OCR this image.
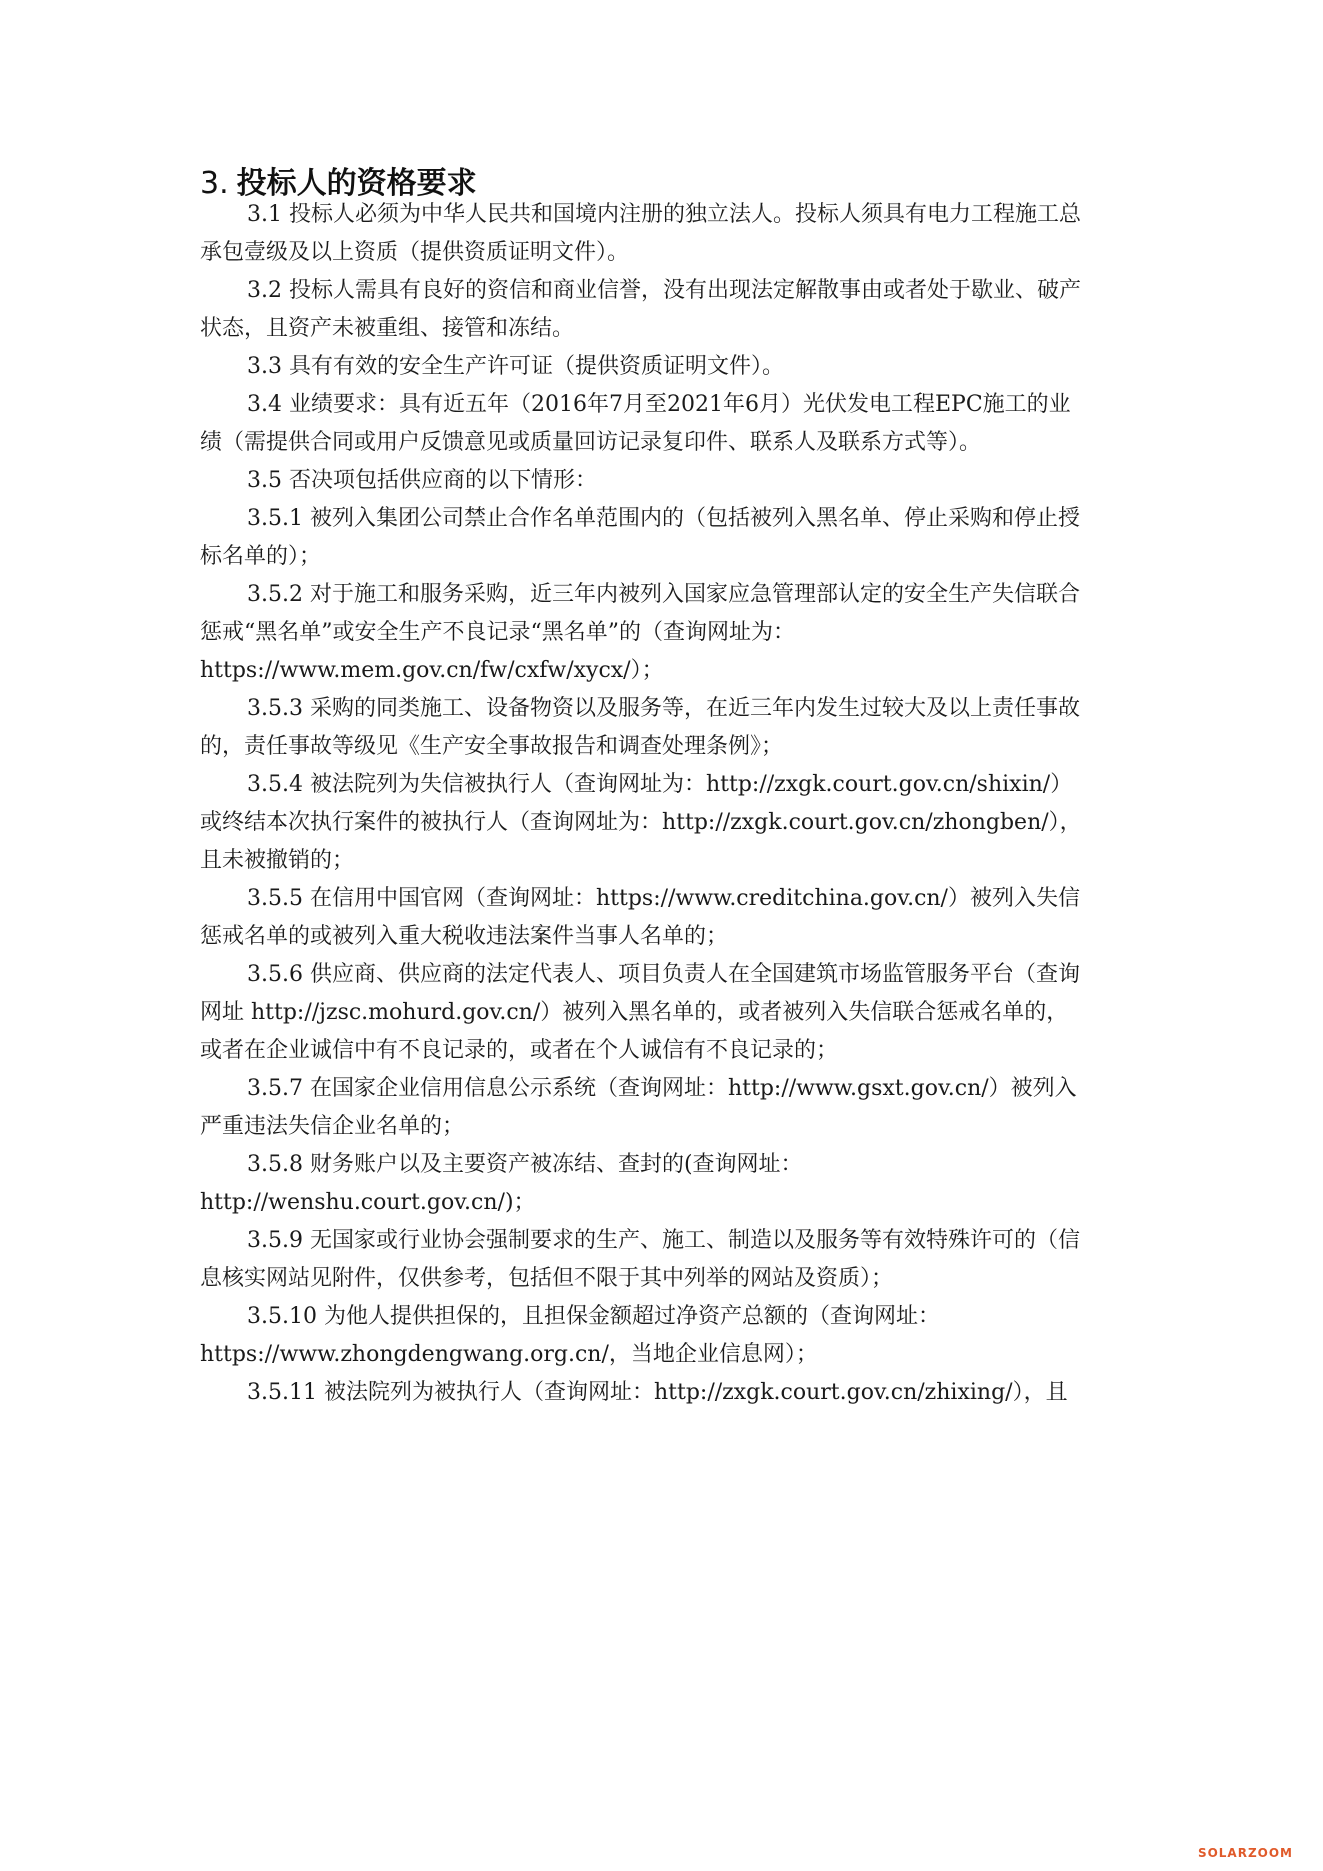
3. 投标人的资格要求
3.1 投标人必须为中华人民共和国境内注册的独立法人。投标人须具有电力工程施工总
承包壹级及以上资质（提供资质证明文件）。
3.2 投标人需具有良好的资信和商业信誉，没有出现法定解散事由或者处于歇业、破产
状态，且资产未被重组、接管和冻结。
3.3 具有有效的安全生产许可证（提供资质证明文件）。
3.4 业绩要求：具有近五年（2016年7月至2021年6月）光伏发电工程EPC施工的业
绩（需提供合同或用户反馈意见或质量回访记录复印件、联系人及联系方式等）。
3.5 否决项包括供应商的以下情形：
3.5.1 被列入集团公司禁止合作名单范围内的（包括被列入黑名单、停止采购和停止授
标名单的）；
3.5.2 对于施工和服务采购，近三年内被列入国家应急管理部认定的安全生产失信联合
惩戒“黑名单”或安全生产不良记录“黑名单”的（查询网址为：
https://www.mem.gov.cn/fw/cxfw/xycx/）；
3.5.3 采购的同类施工、设备物资以及服务等，在近三年内发生过较大及以上责任事故
的，责任事故等级见《生产安全事故报告和调查处理条例》；
3.5.4 被法院列为失信被执行人（查询网址为：http://zxgk.court.gov.cn/shixin/）
或终结本次执行案件的被执行人（查询网址为：http://zxgk.court.gov.cn/zhongben/），
且未被撤销的；
3.5.5 在信用中国官网（查询网址：https://www.creditchina.gov.cn/）被列入失信
惩戒名单的或被列入重大税收违法案件当事人名单的；
3.5.6 供应商、供应商的法定代表人、项目负责人在全国建筑市场监管服务平台（查询
网址 http://jzsc.mohurd.gov.cn/）被列入黑名单的，或者被列入失信联合惩戒名单的，
或者在企业诚信中有不良记录的，或者在个人诚信有不良记录的；
3.5.7 在国家企业信用信息公示系统（查询网址：http://www.gsxt.gov.cn/）被列入
严重违法失信企业名单的；
3.5.8 财务账户以及主要资产被冻结、查封的(查询网址：
http://wenshu.court.gov.cn/)；
3.5.9 无国家或行业协会强制要求的生产、施工、制造以及服务等有效特殊许可的（信
息核实网站见附件，仅供参考，包括但不限于其中列举的网站及资质）；
3.5.10 为他人提供担保的，且担保金额超过净资产总额的（查询网址：
https://www.zhongdengwang.org.cn/，当地企业信息网）；
3.5.11 被法院列为被执行人（查询网址：http://zxgk.court.gov.cn/zhixing/），且
SOLARZOOM
